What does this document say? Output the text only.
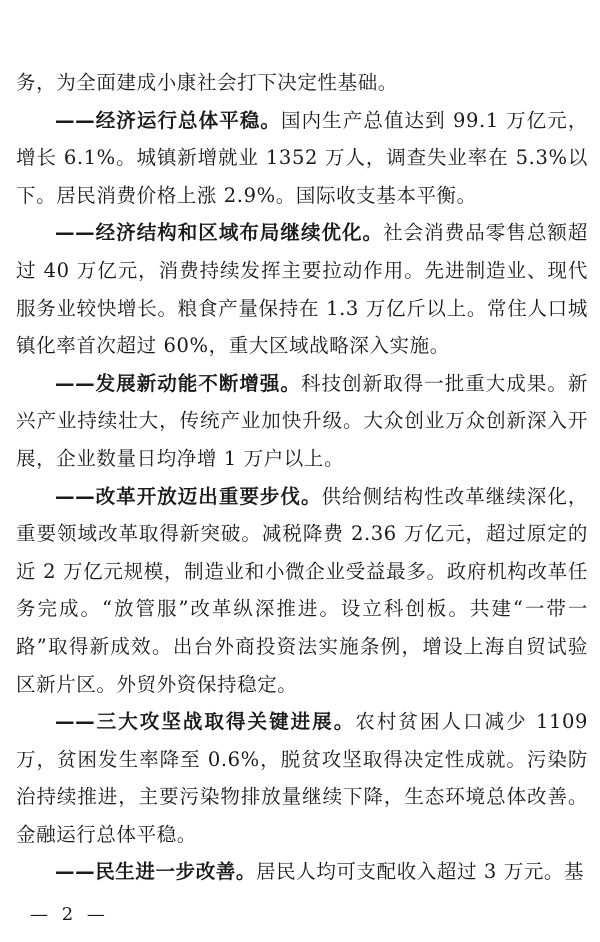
务，为全面建成小康社会打下决定性基础。

——经济运行总体平稳。国内生产总值达到 99.1 万亿元，增长 6.1%。城镇新增就业 1352 万人，调查失业率在 5.3%以下。居民消费价格上涨 2.9%。国际收支基本平衡。

——经济结构和区域布局继续优化。社会消费品零售总额超过 40 万亿元，消费持续发挥主要拉动作用。先进制造业、现代服务业较快增长。粮食产量保持在 1.3 万亿斤以上。常住人口城镇化率首次超过 60%，重大区域战略深入实施。

——发展新动能不断增强。科技创新取得一批重大成果。新兴产业持续壮大，传统产业加快升级。大众创业万众创新深入开展，企业数量日均净增 1 万户以上。

——改革开放迈出重要步伐。供给侧结构性改革继续深化，重要领域改革取得新突破。减税降费 2.36 万亿元，超过原定的近 2 万亿元规模，制造业和小微企业受益最多。政府机构改革任务完成。“放管服”改革纵深推进。设立科创板。共建“一带一路”取得新成效。出台外商投资法实施条例，增设上海自贸试验区新片区。外贸外资保持稳定。

——三大攻坚战取得关键进展。农村贫困人口减少 1109 万，贫困发生率降至 0.6%，脱贫攻坚取得决定性成就。污染防治持续推进，主要污染物排放量继续下降，生态环境总体改善。金融运行总体平稳。

——民生进一步改善。居民人均可支配收入超过 3 万元。基

— 2 —
